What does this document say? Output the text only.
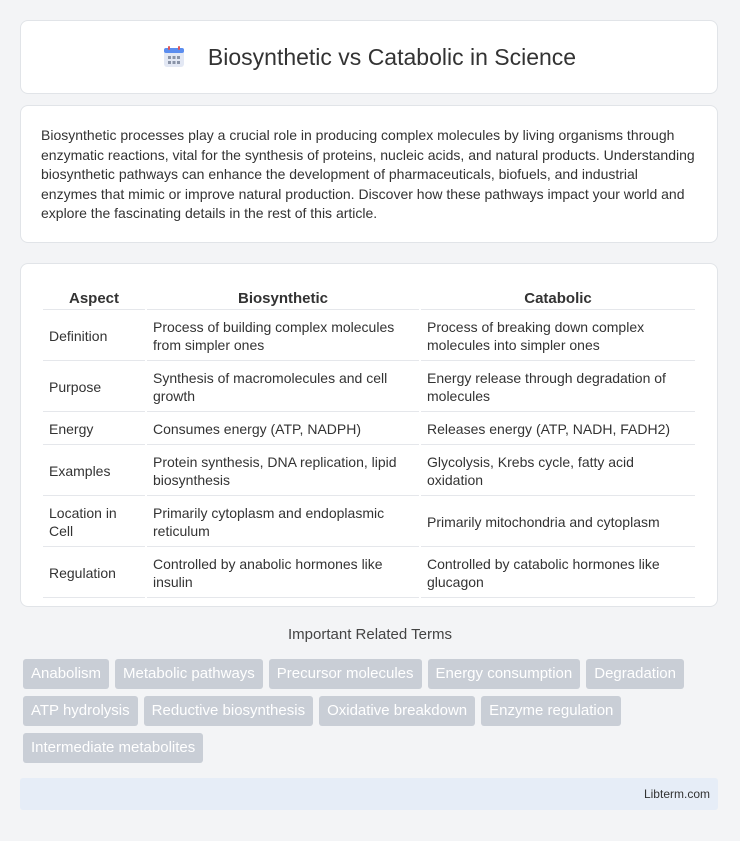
Biosynthetic vs Catabolic in Science

Biosynthetic processes play a crucial role in producing complex molecules by living organisms through enzymatic reactions, vital for the synthesis of proteins, nucleic acids, and natural products. Understanding biosynthetic pathways can enhance the development of pharmaceuticals, biofuels, and industrial enzymes that mimic or improve natural production. Discover how these pathways impact your world and explore the fascinating details in the rest of this article.

Aspect	Biosynthetic	Catabolic
Definition	Process of building complex molecules from simpler ones	Process of breaking down complex molecules into simpler ones
Purpose	Synthesis of macromolecules and cell growth	Energy release through degradation of molecules
Energy	Consumes energy (ATP, NADPH)	Releases energy (ATP, NADH, FADH2)
Examples	Protein synthesis, DNA replication, lipid biosynthesis	Glycolysis, Krebs cycle, fatty acid oxidation
Location in Cell	Primarily cytoplasm and endoplasmic reticulum	Primarily mitochondria and cytoplasm
Regulation	Controlled by anabolic hormones like insulin	Controlled by catabolic hormones like glucagon
Important Related Terms
Anabolism	Metabolic pathways	Precursor molecules	Energy consumption	Degradation
ATP hydrolysis	Reductive biosynthesis	Oxidative breakdown	Enzyme regulation
Intermediate metabolites
Libterm.com
